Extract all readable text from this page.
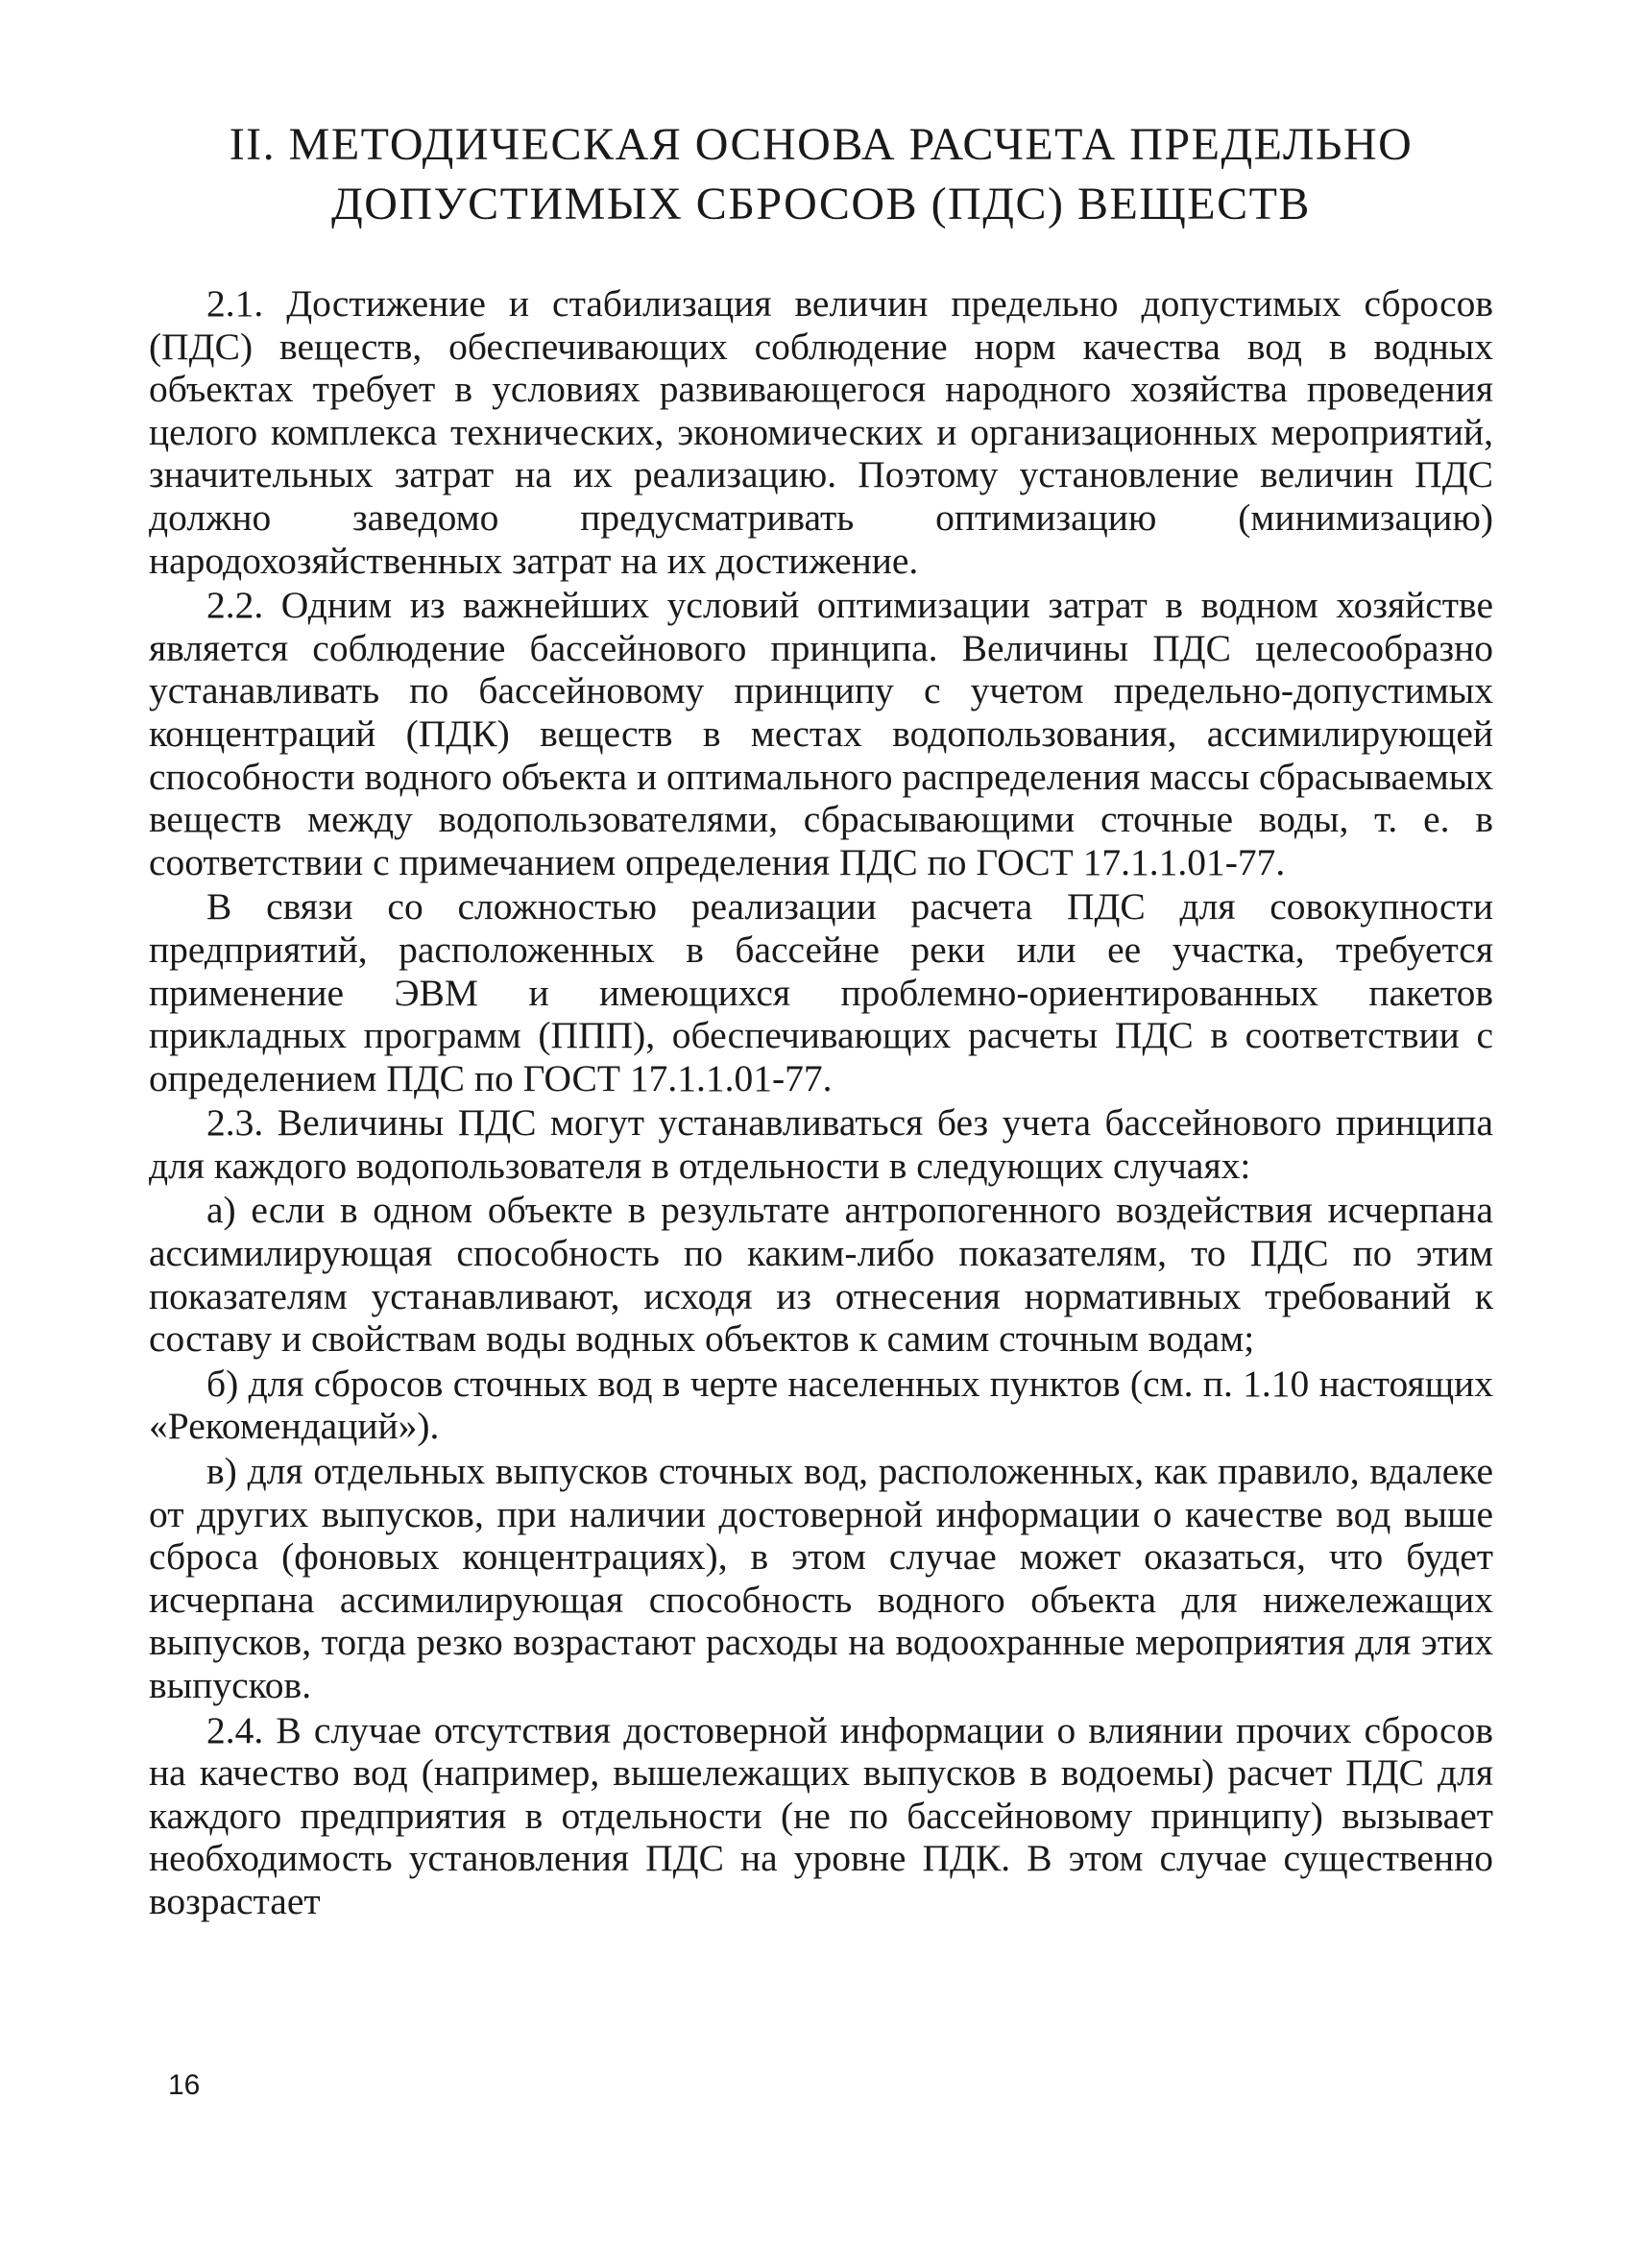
II. МЕТОДИЧЕСКАЯ ОСНОВА РАСЧЕТА ПРЕДЕЛЬНО
ДОПУСТИМЫХ СБРОСОВ (ПДС) ВЕЩЕСТВ

2.1. Достижение и стабилизация величин предельно допустимых сбросов (ПДС) веществ, обеспечивающих соблюдение норм качества вод в водных объектах требует в условиях развивающегося народного хозяйства проведения целого комплекса технических, экономических и организационных мероприятий, значительных затрат на их реализацию. Поэтому установление величин ПДС должно заведомо предусматривать оптимизацию (минимизацию) народохозяйственных затрат на их достижение.

2.2. Одним из важнейших условий оптимизации затрат в водном хозяйстве является соблюдение бассейнового принципа. Величины ПДС целесообразно устанавливать по бассейновому принципу с учетом предельно-допустимых концентраций (ПДК) веществ в местах водопользования, ассимилирующей способности водного объекта и оптимального распределения массы сбрасываемых веществ между водопользователями, сбрасывающими сточные воды, т. е. в соответствии с примечанием определения ПДС по ГОСТ 17.1.1.01-77.

В связи со сложностью реализации расчета ПДС для совокупности предприятий, расположенных в бассейне реки или ее участка, требуется применение ЭВМ и имеющихся проблемно-ориентированных пакетов прикладных программ (ППП), обеспечивающих расчеты ПДС в соответствии с определением ПДС по ГОСТ 17.1.1.01-77.

2.3. Величины ПДС могут устанавливаться без учета бассейнового принципа для каждого водопользователя в отдельности в следующих случаях:

а) если в одном объекте в результате антропогенного воздействия исчерпана ассимилирующая способность по каким-либо показателям, то ПДС по этим показателям устанавливают, исходя из отнесения нормативных требований к составу и свойствам воды водных объектов к самим сточным водам;

б) для сбросов сточных вод в черте населенных пунктов (см. п. 1.10 настоящих «Рекомендаций»).

в) для отдельных выпусков сточных вод, расположенных, как правило, вдалеке от других выпусков, при наличии достоверной информации о качестве вод выше сброса (фоновых концентрациях), в этом случае может оказаться, что будет исчерпана ассимилирующая способность водного объекта для нижележащих выпусков, тогда резко возрастают расходы на водоохранные мероприятия для этих выпусков.

2.4. В случае отсутствия достоверной информации о влиянии прочих сбросов на качество вод (например, вышележащих выпусков в водоемы) расчет ПДС для каждого предприятия в отдельности (не по бассейновому принципу) вызывает необходимость установления ПДС на уровне ПДК. В этом случае существенно возрастает

16
